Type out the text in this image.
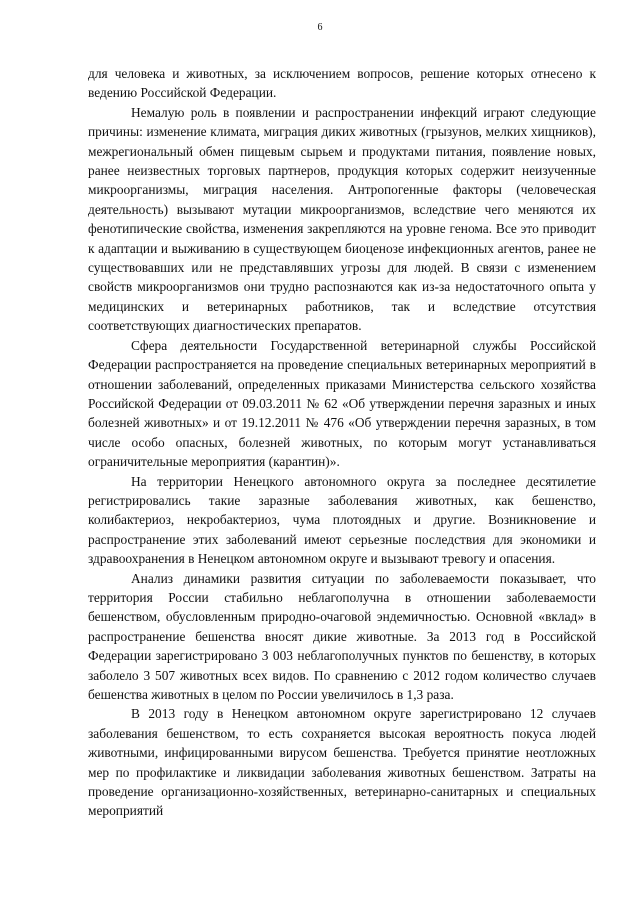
6

для человека и животных, за исключением вопросов, решение которых отнесено к ведению Российской Федерации.

Немалую роль в появлении и распространении инфекций играют следующие причины: изменение климата, миграция диких животных (грызунов, мелких хищников), межрегиональный обмен пищевым сырьем и продуктами питания, появление новых, ранее неизвестных торговых партнеров, продукция которых содержит неизученные микроорганизмы, миграция населения. Антропогенные факторы (человеческая деятельность) вызывают мутации микроорганизмов, вследствие чего меняются их фенотипические свойства, изменения закрепляются на уровне генома. Все это приводит к адаптации и выживанию в существующем биоценозе инфекционных агентов, ранее не существовавших или не представлявших угрозы для людей. В связи с изменением свойств микроорганизмов они трудно распознаются как из-за недостаточного опыта у медицинских и ветеринарных работников, так и вследствие отсутствия соответствующих диагностических препаратов.

Сфера деятельности Государственной ветеринарной службы Российской Федерации распространяется на проведение специальных ветеринарных мероприятий в отношении заболеваний, определенных приказами Министерства сельского хозяйства Российской Федерации от 09.03.2011 № 62 «Об утверждении перечня заразных и иных болезней животных» и от 19.12.2011 № 476 «Об утверждении перечня заразных, в том числе особо опасных, болезней животных, по которым могут устанавливаться ограничительные мероприятия (карантин)».

На территории Ненецкого автономного округа за последнее десятилетие регистрировались такие заразные заболевания животных, как бешенство, колибактериоз, некробактериоз, чума плотоядных и другие. Возникновение и распространение этих заболеваний имеют серьезные последствия для экономики и здравоохранения в Ненецком автономном округе и вызывают тревогу и опасения.

Анализ динамики развития ситуации по заболеваемости показывает, что территория России стабильно неблагополучна в отношении заболеваемости бешенством, обусловленным природно-очаговой эндемичностью. Основной «вклад» в распространение бешенства вносят дикие животные. За 2013 год в Российской Федерации зарегистрировано 3 003 неблагополучных пунктов по бешенству, в которых заболело 3 507 животных всех видов. По сравнению с 2012 годом количество случаев бешенства животных в целом по России увеличилось в 1,3 раза.

В 2013 году в Ненецком автономном округе зарегистрировано 12 случаев заболевания бешенством, то есть сохраняется высокая вероятность покуса людей животными, инфицированными вирусом бешенства. Требуется принятие неотложных мер по профилактике и ликвидации заболевания животных бешенством. Затраты на проведение организационно-хозяйственных, ветеринарно-санитарных и специальных мероприятий
